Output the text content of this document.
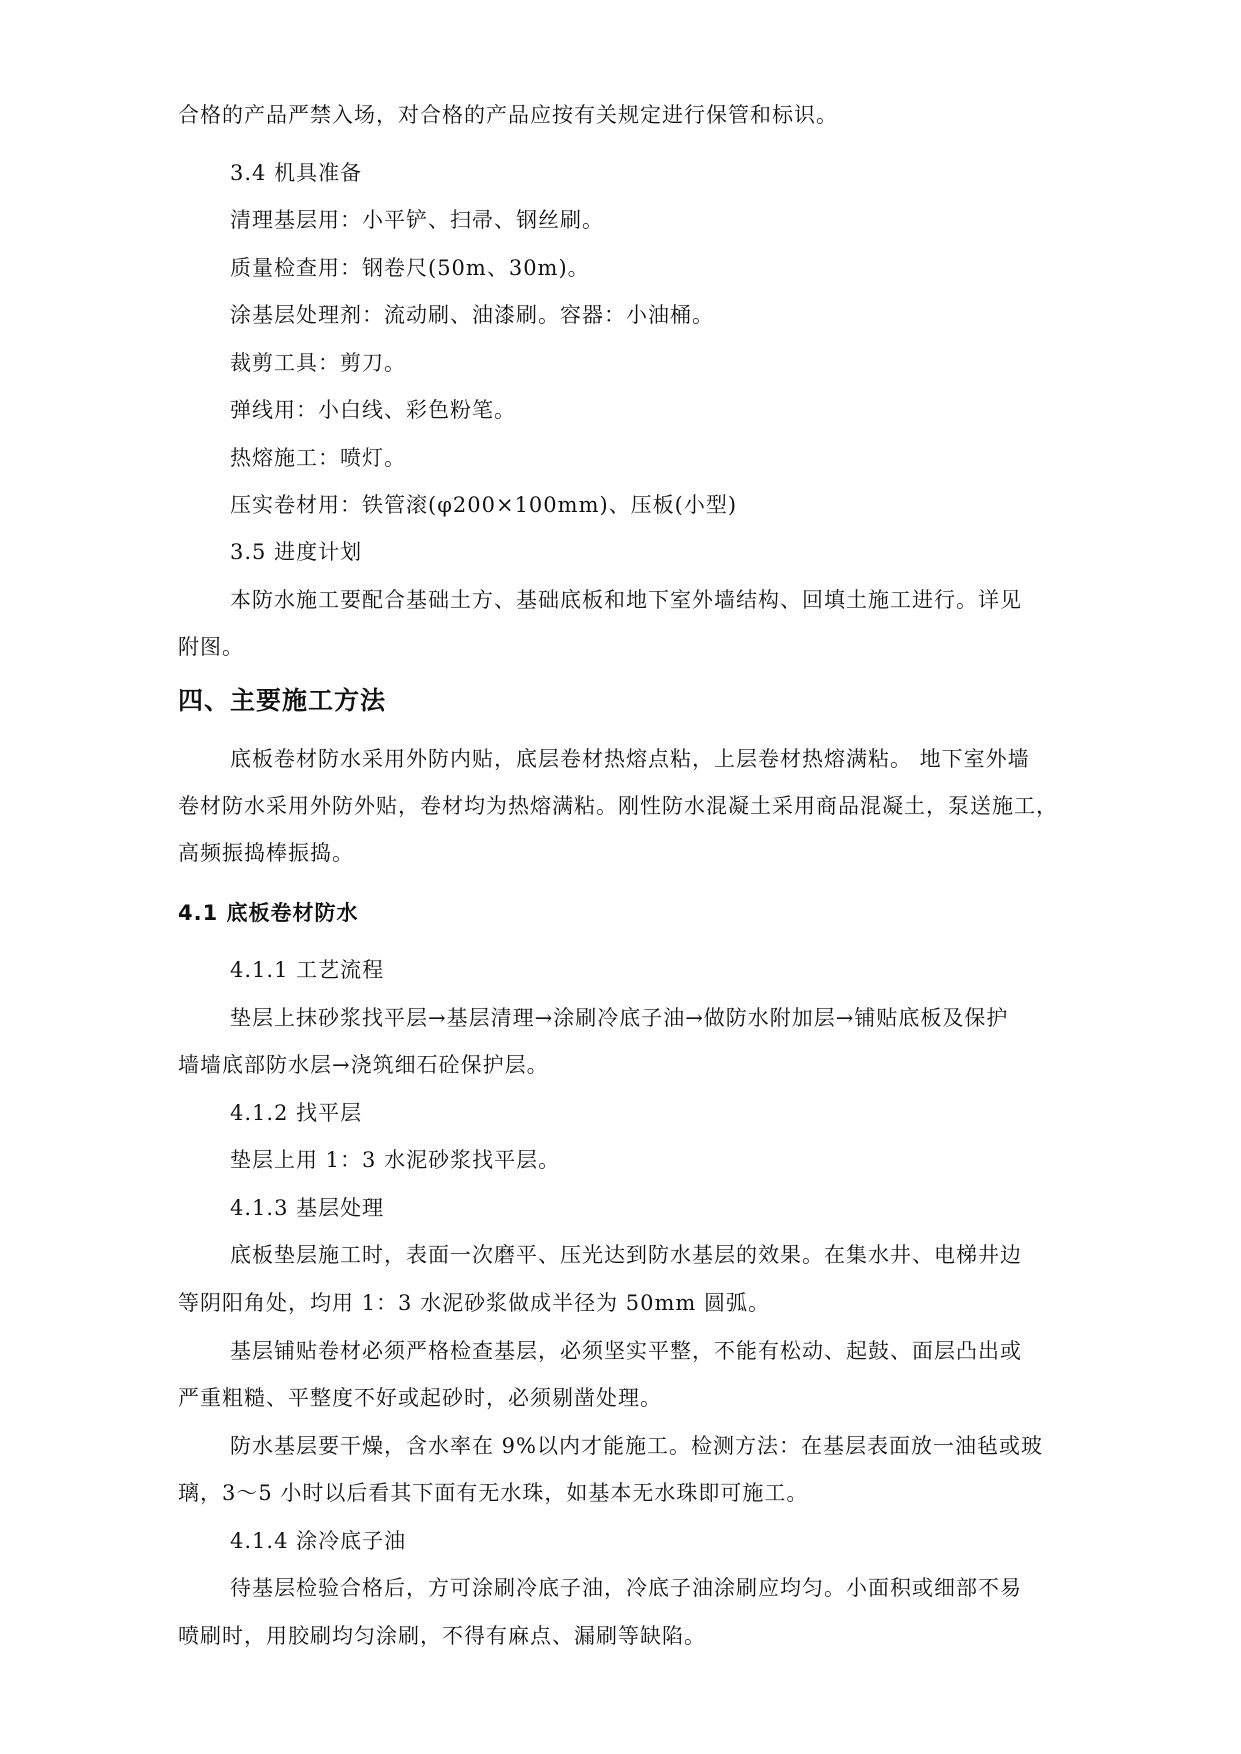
合格的产品严禁入场，对合格的产品应按有关规定进行保管和标识。
3.4 机具准备
清理基层用：小平铲、扫帚、钢丝刷。
质量检查用：钢卷尺(50m、30m)。
涂基层处理剂：流动刷、油漆刷。容器：小油桶。
裁剪工具：剪刀。
弹线用：小白线、彩色粉笔。
热熔施工：喷灯。
压实卷材用：铁管滚(φ200×100mm)、压板(小型)
3.5 进度计划
本防水施工要配合基础土方、基础底板和地下室外墙结构、回填土施工进行。详见
附图。
四、主要施工方法
底板卷材防水采用外防内贴，底层卷材热熔点粘，上层卷材热熔满粘。 地下室外墙
卷材防水采用外防外贴，卷材均为热熔满粘。刚性防水混凝土采用商品混凝土，泵送施工，
高频振捣棒振捣。
4.1 底板卷材防水
4.1.1 工艺流程
垫层上抹砂浆找平层→基层清理→涂刷冷底子油→做防水附加层→铺贴底板及保护
墙墙底部防水层→浇筑细石砼保护层。
4.1.2 找平层
垫层上用 1：3 水泥砂浆找平层。
4.1.3 基层处理
底板垫层施工时，表面一次磨平、压光达到防水基层的效果。在集水井、电梯井边
等阴阳角处，均用 1：3 水泥砂浆做成半径为 50mm 圆弧。
基层铺贴卷材必须严格检查基层，必须坚实平整，不能有松动、起鼓、面层凸出或
严重粗糙、平整度不好或起砂时，必须剔凿处理。
防水基层要干燥，含水率在 9%以内才能施工。检测方法：在基层表面放一油毡或玻
璃，3～5 小时以后看其下面有无水珠，如基本无水珠即可施工。
4.1.4 涂冷底子油
待基层检验合格后，方可涂刷冷底子油，冷底子油涂刷应均匀。小面积或细部不易
喷刷时，用胶刷均匀涂刷，不得有麻点、漏刷等缺陷。
